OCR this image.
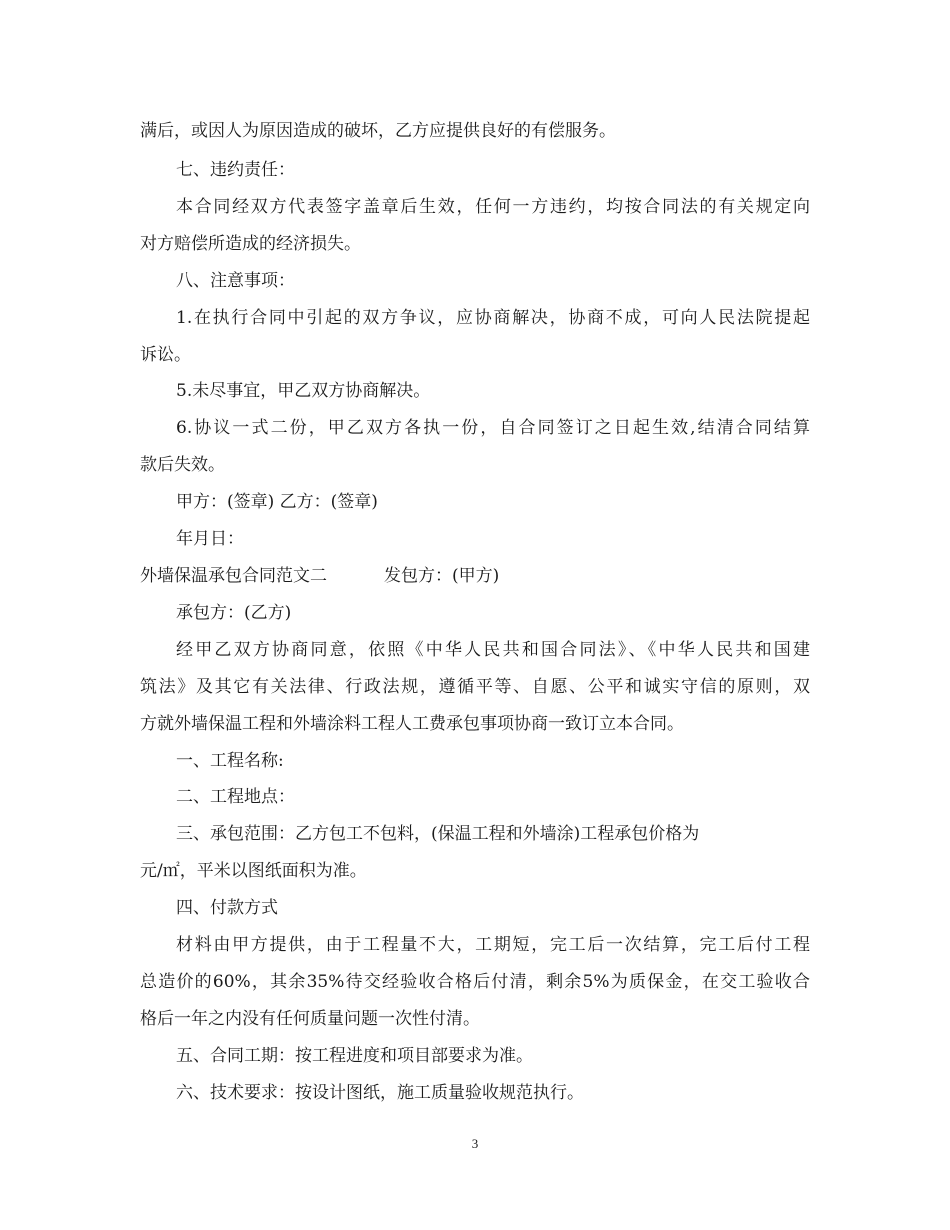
满后，或因人为原因造成的破坏，乙方应提供良好的有偿服务。
七、违约责任：
本合同经双方代表签字盖章后生效，任何一方违约，均按合同法的有关规定向
对方赔偿所造成的经济损失。
八、注意事项：
1.在执行合同中引起的双方争议，应协商解决，协商不成，可向人民法院提起
诉讼。
5.未尽事宜，甲乙双方协商解决。
6.协议一式二份，甲乙双方各执一份，自合同签订之日起生效,结清合同结算
款后失效。
甲方：(签章) 乙方：(签章)
年月日：
外墙保温承包合同范文二	发包方：(甲方)
承包方：(乙方)
经甲乙双方协商同意，依照《中华人民共和国合同法》、《中华人民共和国建
筑法》及其它有关法律、行政法规，遵循平等、自愿、公平和诚实守信的原则，双
方就外墙保温工程和外墙涂料工程人工费承包事项协商一致订立本合同。
一、工程名称:
二、工程地点：
三、承包范围：乙方包工不包料，(保温工程和外墙涂)工程承包价格为
元/㎡，平米以图纸面积为准。
四、付款方式
材料由甲方提供，由于工程量不大，工期短，完工后一次结算，完工后付工程
总造价的60%，其余35%待交经验收合格后付清，剩余5%为质保金，在交工验收合
格后一年之内没有任何质量问题一次性付清。
五、合同工期：按工程进度和项目部要求为准。
六、技术要求：按设计图纸，施工质量验收规范执行。
3
